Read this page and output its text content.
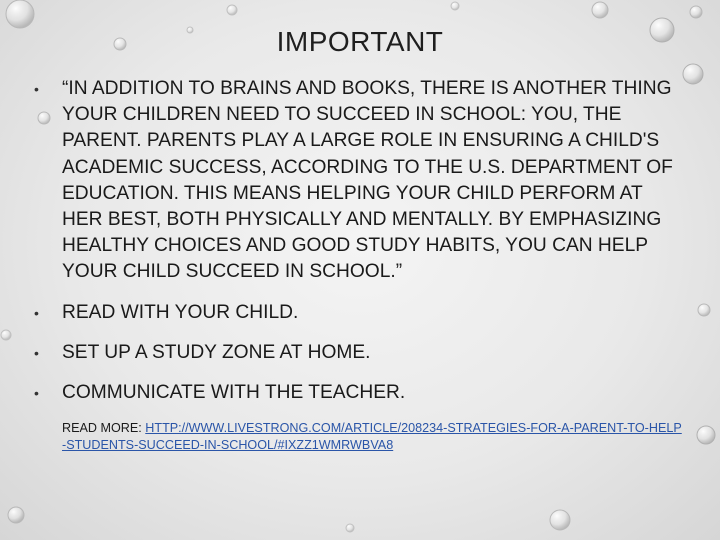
IMPORTANT
• “IN ADDITION TO BRAINS AND BOOKS, THERE IS ANOTHER THING YOUR CHILDREN NEED TO SUCCEED IN SCHOOL: YOU, THE PARENT. PARENTS PLAY A LARGE ROLE IN ENSURING A CHILD'S ACADEMIC SUCCESS, ACCORDING TO THE U.S. DEPARTMENT OF EDUCATION. THIS MEANS HELPING YOUR CHILD PERFORM AT HER BEST, BOTH PHYSICALLY AND MENTALLY. BY EMPHASIZING HEALTHY CHOICES AND GOOD STUDY HABITS, YOU CAN HELP YOUR CHILD SUCCEED IN SCHOOL.”
• READ WITH YOUR CHILD.
• SET UP A STUDY ZONE AT HOME.
• COMMUNICATE WITH THE TEACHER.
READ MORE: HTTP://WWW.LIVESTRONG.COM/ARTICLE/208234-STRATEGIES-FOR-A-PARENT-TO-HELP-STUDENTS-SUCCEED-IN-SCHOOL/#IXZZ1WMRWBVA8
